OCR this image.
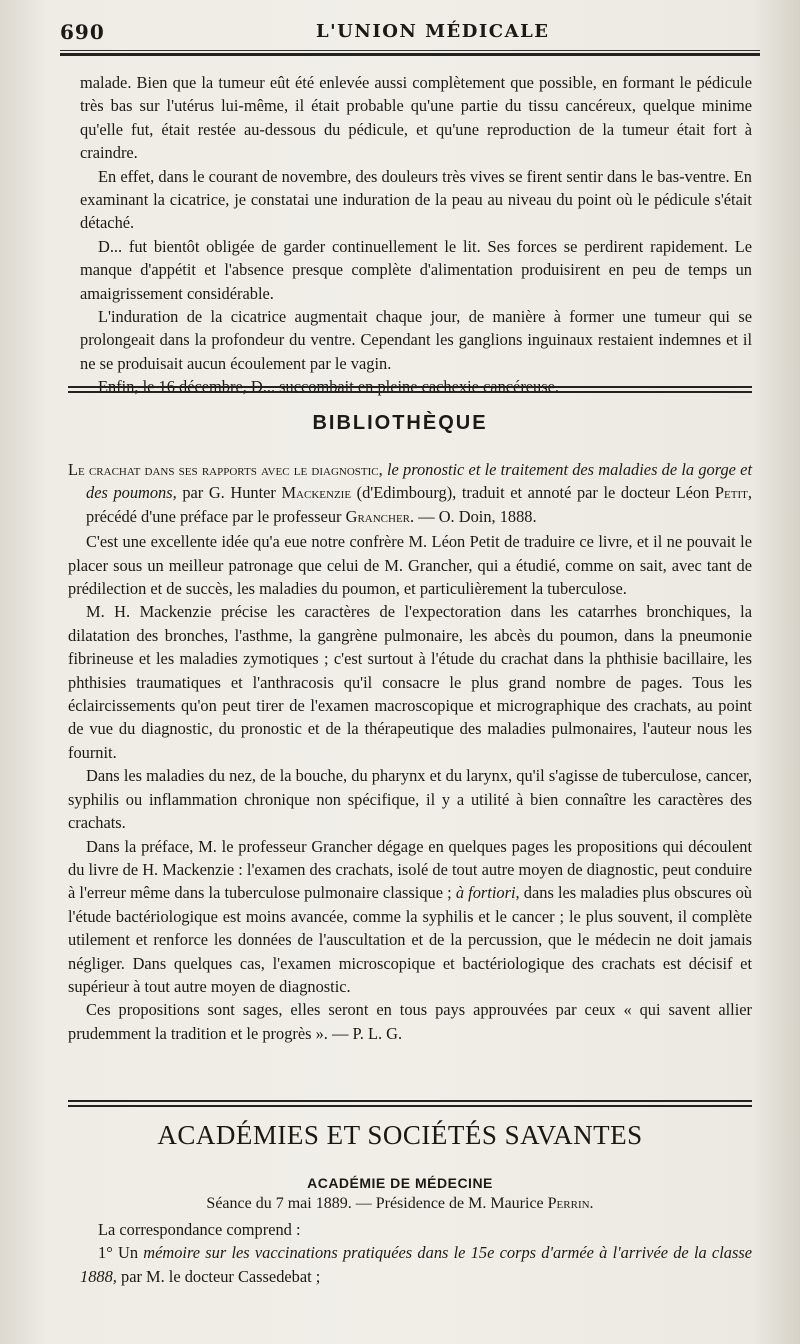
690	L'UNION MÉDICALE

malade. Bien que la tumeur eût été enlevée aussi complètement que possible, en formant le pédicule très bas sur l'utérus lui-même, il était probable qu'une partie du tissu cancéreux, quelque minime qu'elle fut, était restée au-dessous du pédicule, et qu'une reproduction de la tumeur était fort à craindre.

En effet, dans le courant de novembre, des douleurs très vives se firent sentir dans le bas-ventre. En examinant la cicatrice, je constatai une induration de la peau au niveau du point où le pédicule s'était détaché.

D... fut bientôt obligée de garder continuellement le lit. Ses forces se perdirent rapidement. Le manque d'appétit et l'absence presque complète d'alimentation produisirent en peu de temps un amaigrissement considérable.

L'induration de la cicatrice augmentait chaque jour, de manière à former une tumeur qui se prolongeait dans la profondeur du ventre. Cependant les ganglions inguinaux restaient indemnes et il ne se produisait aucun écoulement par le vagin.

Enfin, le 16 décembre, D... succombait en pleine cachexie cancéreuse.

BIBLIOTHÈQUE

Le crachat dans ses rapports avec le diagnostic, le pronostic et le traitement des maladies de la gorge et des poumons, par G. Hunter Mackenzie (d'Edimbourg), traduit et annoté par le docteur Léon Petit, précédé d'une préface par le professeur Grancher. — O. Doin, 1888.

C'est une excellente idée qu'a eue notre confrère M. Léon Petit de traduire ce livre, et il ne pouvait le placer sous un meilleur patronage que celui de M. Grancher, qui a étudié, comme on sait, avec tant de prédilection et de succès, les maladies du poumon, et particulièrement la tuberculose.

M. H. Mackenzie précise les caractères de l'expectoration dans les catarrhes bronchiques, la dilatation des bronches, l'asthme, la gangrène pulmonaire, les abcès du poumon, dans la pneumonie fibrineuse et les maladies zymotiques ; c'est surtout à l'étude du crachat dans la phthisie bacillaire, les phthisies traumatiques et l'anthracosis qu'il consacre le plus grand nombre de pages. Tous les éclaircissements qu'on peut tirer de l'examen macroscopique et micrographique des crachats, au point de vue du diagnostic, du pronostic et de la thérapeutique des maladies pulmonaires, l'auteur nous les fournit.

Dans les maladies du nez, de la bouche, du pharynx et du larynx, qu'il s'agisse de tuberculose, cancer, syphilis ou inflammation chronique non spécifique, il y a utilité à bien connaître les caractères des crachats.

Dans la préface, M. le professeur Grancher dégage en quelques pages les propositions qui découlent du livre de H. Mackenzie : l'examen des crachats, isolé de tout autre moyen de diagnostic, peut conduire à l'erreur même dans la tuberculose pulmonaire classique ; à fortiori, dans les maladies plus obscures où l'étude bactériologique est moins avancée, comme la syphilis et le cancer ; le plus souvent, il complète utilement et renforce les données de l'auscultation et de la percussion, que le médecin ne doit jamais négliger. Dans quelques cas, l'examen microscopique et bactériologique des crachats est décisif et supérieur à tout autre moyen de diagnostic.

Ces propositions sont sages, elles seront en tous pays approuvées par ceux « qui savent allier prudemment la tradition et le progrès ». — P. L. G.

ACADÉMIES ET SOCIÉTÉS SAVANTES
ACADÉMIE DE MÉDECINE
Séance du 7 mai 1889. — Présidence de M. Maurice Perrin.

La correspondance comprend :

1° Un mémoire sur les vaccinations pratiquées dans le 15e corps d'armée à l'arrivée de la classe 1888, par M. le docteur Cassedebat ;
